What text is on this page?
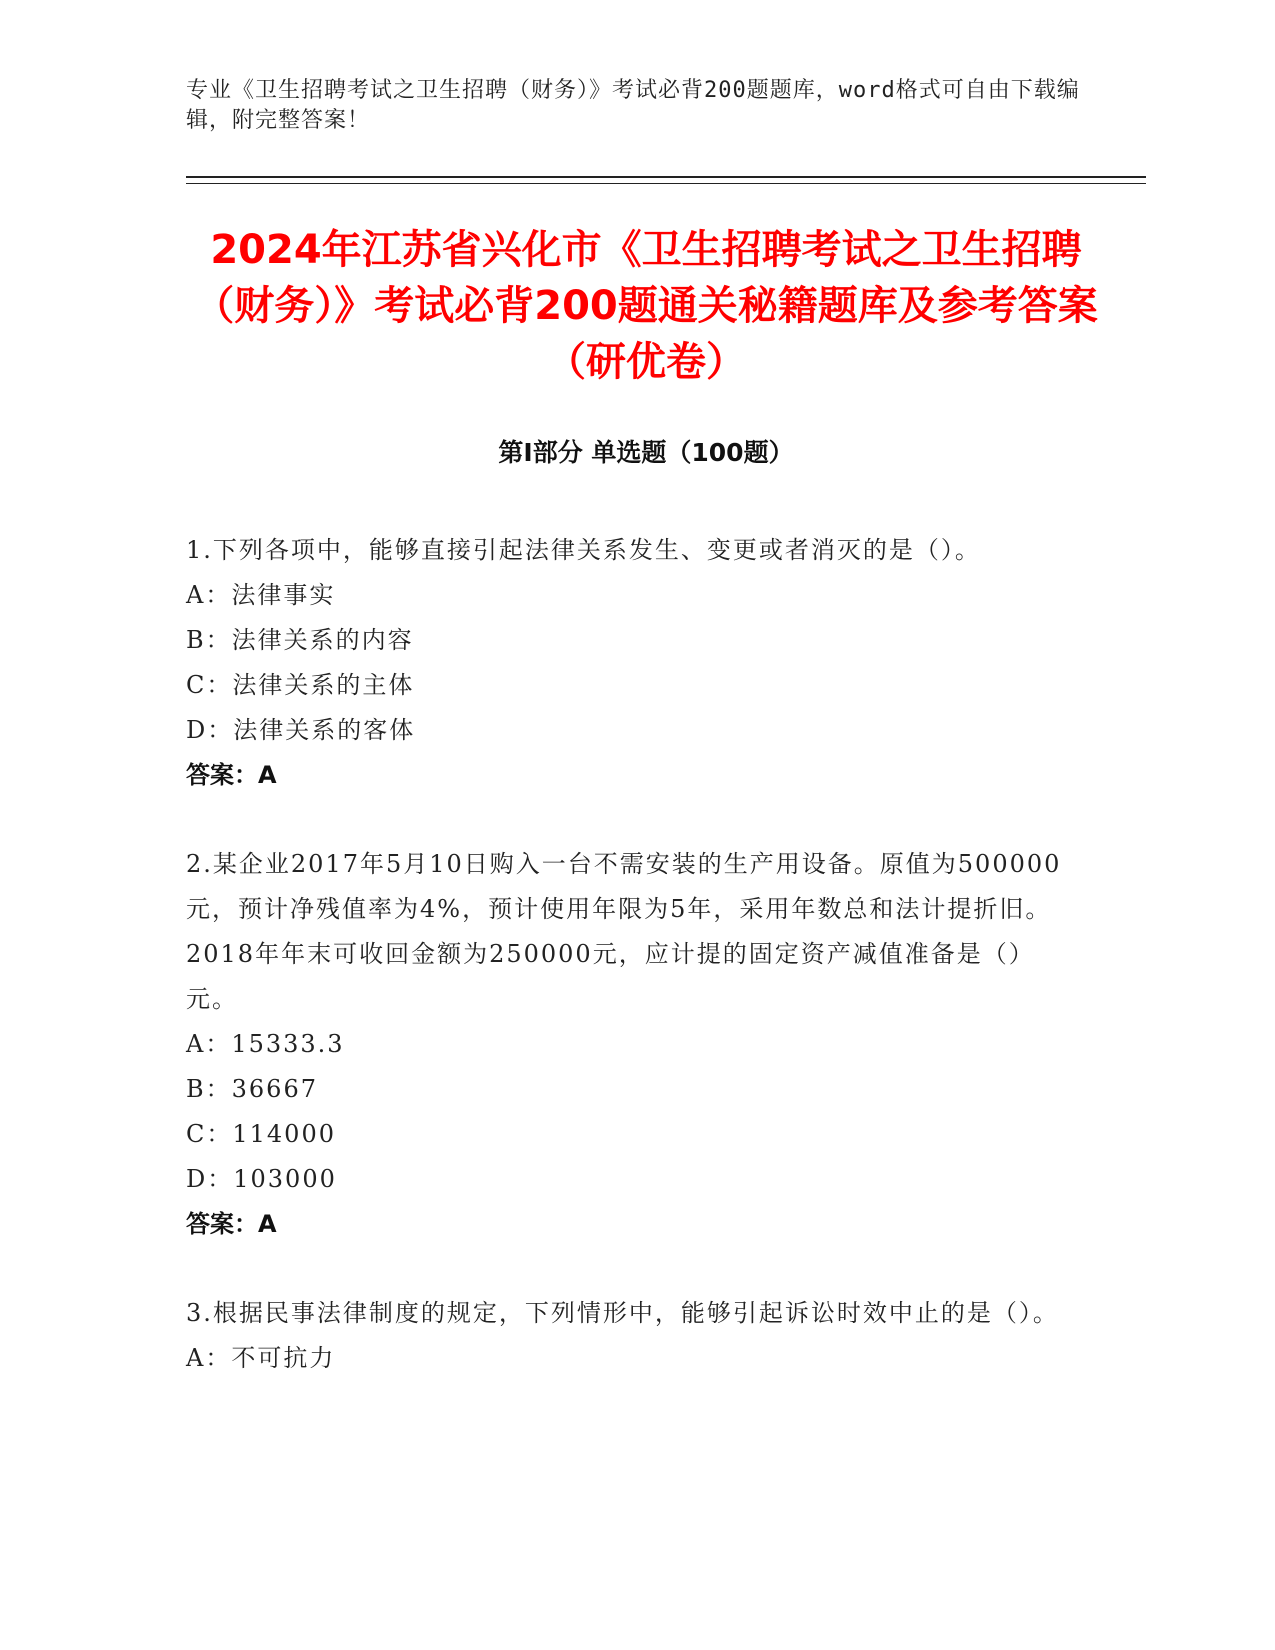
专业《卫生招聘考试之卫生招聘（财务）》考试必背200题题库，word格式可自由下载编辑，附完整答案！
2024年江苏省兴化市《卫生招聘考试之卫生招聘（财务）》考试必背200题通关秘籍题库及参考答案（研优卷）
第Ⅰ部分 单选题（100题）
1.下列各项中，能够直接引起法律关系发生、变更或者消灭的是（）。
A：法律事实
B：法律关系的内容
C：法律关系的主体
D：法律关系的客体
答案：A
2.某企业2017年5月10日购入一台不需安装的生产用设备。原值为500000元，预计净残值率为4%，预计使用年限为5年，采用年数总和法计提折旧。2018年年末可收回金额为250000元，应计提的固定资产减值准备是（）元。
A：15333.3
B：36667
C：114000
D：103000
答案：A
3.根据民事法律制度的规定，下列情形中，能够引起诉讼时效中止的是（）。
A：不可抗力
